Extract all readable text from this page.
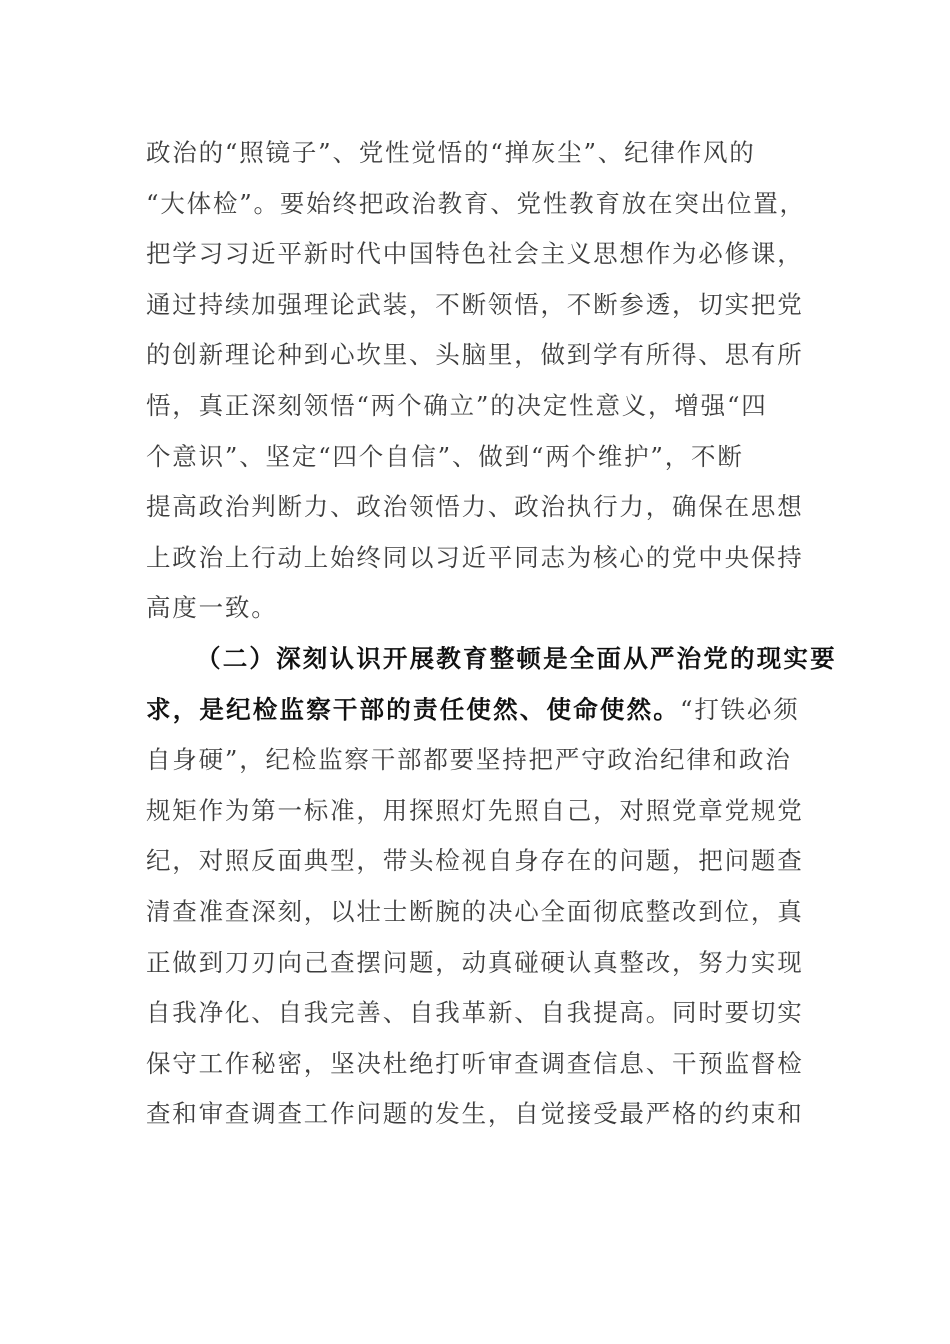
政治的“照镜子”、党性觉悟的“掸灰尘”、纪律作风的
“大体检”。要始终把政治教育、党性教育放在突出位置，
把学习习近平新时代中国特色社会主义思想作为必修课，
通过持续加强理论武装，不断领悟，不断参透，切实把党
的创新理论种到心坎里、头脑里，做到学有所得、思有所
悟，真正深刻领悟“两个确立”的决定性意义，增强“四
个意识”、坚定“四个自信”、做到“两个维护”，不断
提高政治判断力、政治领悟力、政治执行力，确保在思想
上政治上行动上始终同以习近平同志为核心的党中央保持
高度一致。
（二）深刻认识开展教育整顿是全面从严治党的现实要
求，是纪检监察干部的责任使然、使命使然。“打铁必须
自身硬”，纪检监察干部都要坚持把严守政治纪律和政治
规矩作为第一标准，用探照灯先照自己，对照党章党规党
纪，对照反面典型，带头检视自身存在的问题，把问题查
清查准查深刻，以壮士断腕的决心全面彻底整改到位，真
正做到刀刃向己查摆问题，动真碰硬认真整改，努力实现
自我净化、自我完善、自我革新、自我提高。同时要切实
保守工作秘密，坚决杜绝打听审查调查信息、干预监督检
查和审查调查工作问题的发生，自觉接受最严格的约束和
